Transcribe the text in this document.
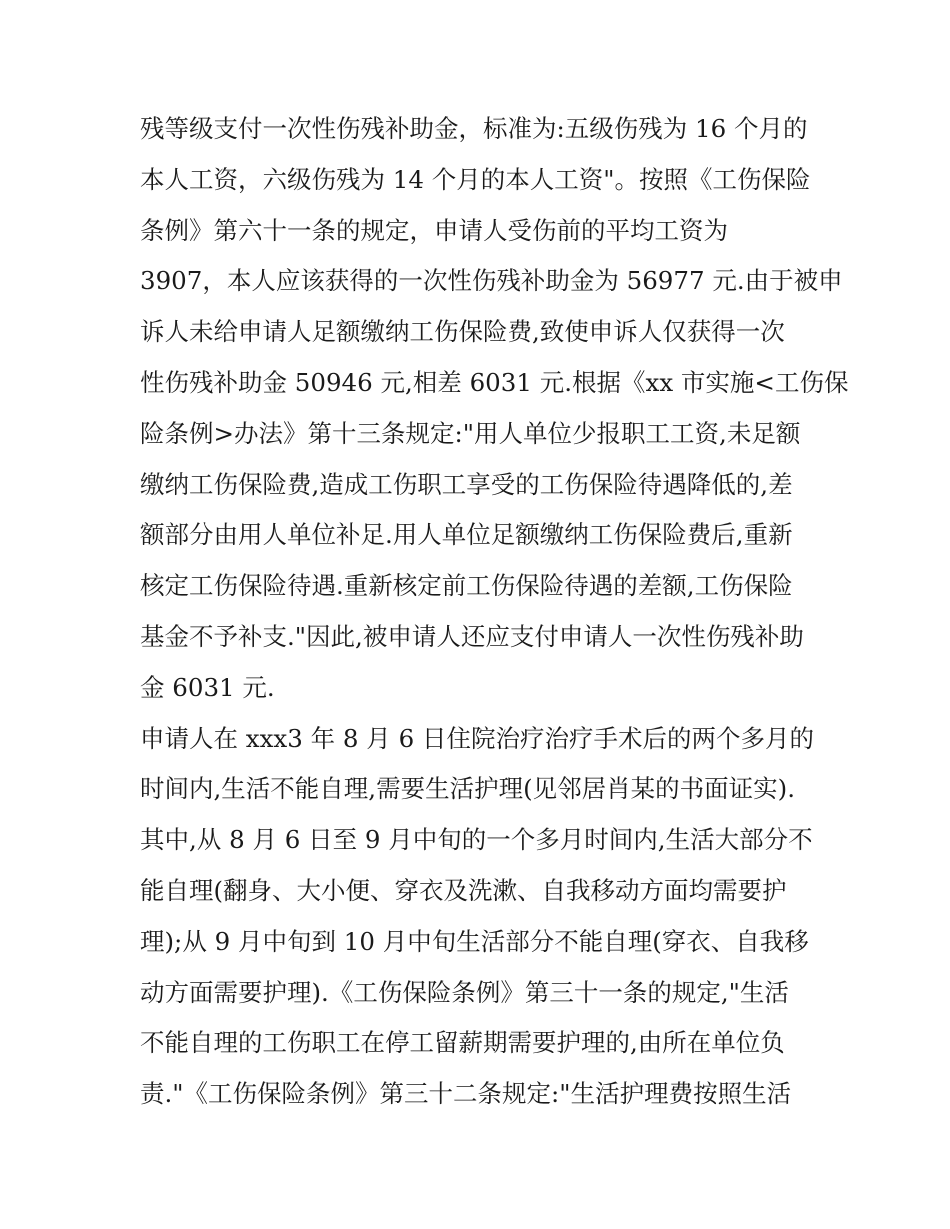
残等级支付一次性伤残补助金，标准为:五级伤残为 16 个月的
本人工资，六级伤残为 14 个月的本人工资"。按照《工伤保险
条例》第六十一条的规定，申请人受伤前的平均工资为
3907，本人应该获得的一次性伤残补助金为 56977 元.由于被申
诉人未给申请人足额缴纳工伤保险费,致使申诉人仅获得一次
性伤残补助金 50946 元,相差 6031 元.根据《xx 市实施<工伤保
险条例>办法》第十三条规定:"用人单位少报职工工资,未足额
缴纳工伤保险费,造成工伤职工享受的工伤保险待遇降低的,差
额部分由用人单位补足.用人单位足额缴纳工伤保险费后,重新
核定工伤保险待遇.重新核定前工伤保险待遇的差额,工伤保险
基金不予补支."因此,被申请人还应支付申请人一次性伤残补助
金 6031 元.
申请人在 xxx3 年 8 月 6 日住院治疗治疗手术后的两个多月的
时间内,生活不能自理,需要生活护理(见邻居肖某的书面证实).
其中,从 8 月 6 日至 9 月中旬的一个多月时间内,生活大部分不
能自理(翻身、大小便、穿衣及洗漱、自我移动方面均需要护
理);从 9 月中旬到 10 月中旬生活部分不能自理(穿衣、自我移
动方面需要护理).《工伤保险条例》第三十一条的规定,"生活
不能自理的工伤职工在停工留薪期需要护理的,由所在单位负
责."《工伤保险条例》第三十二条规定:"生活护理费按照生活
